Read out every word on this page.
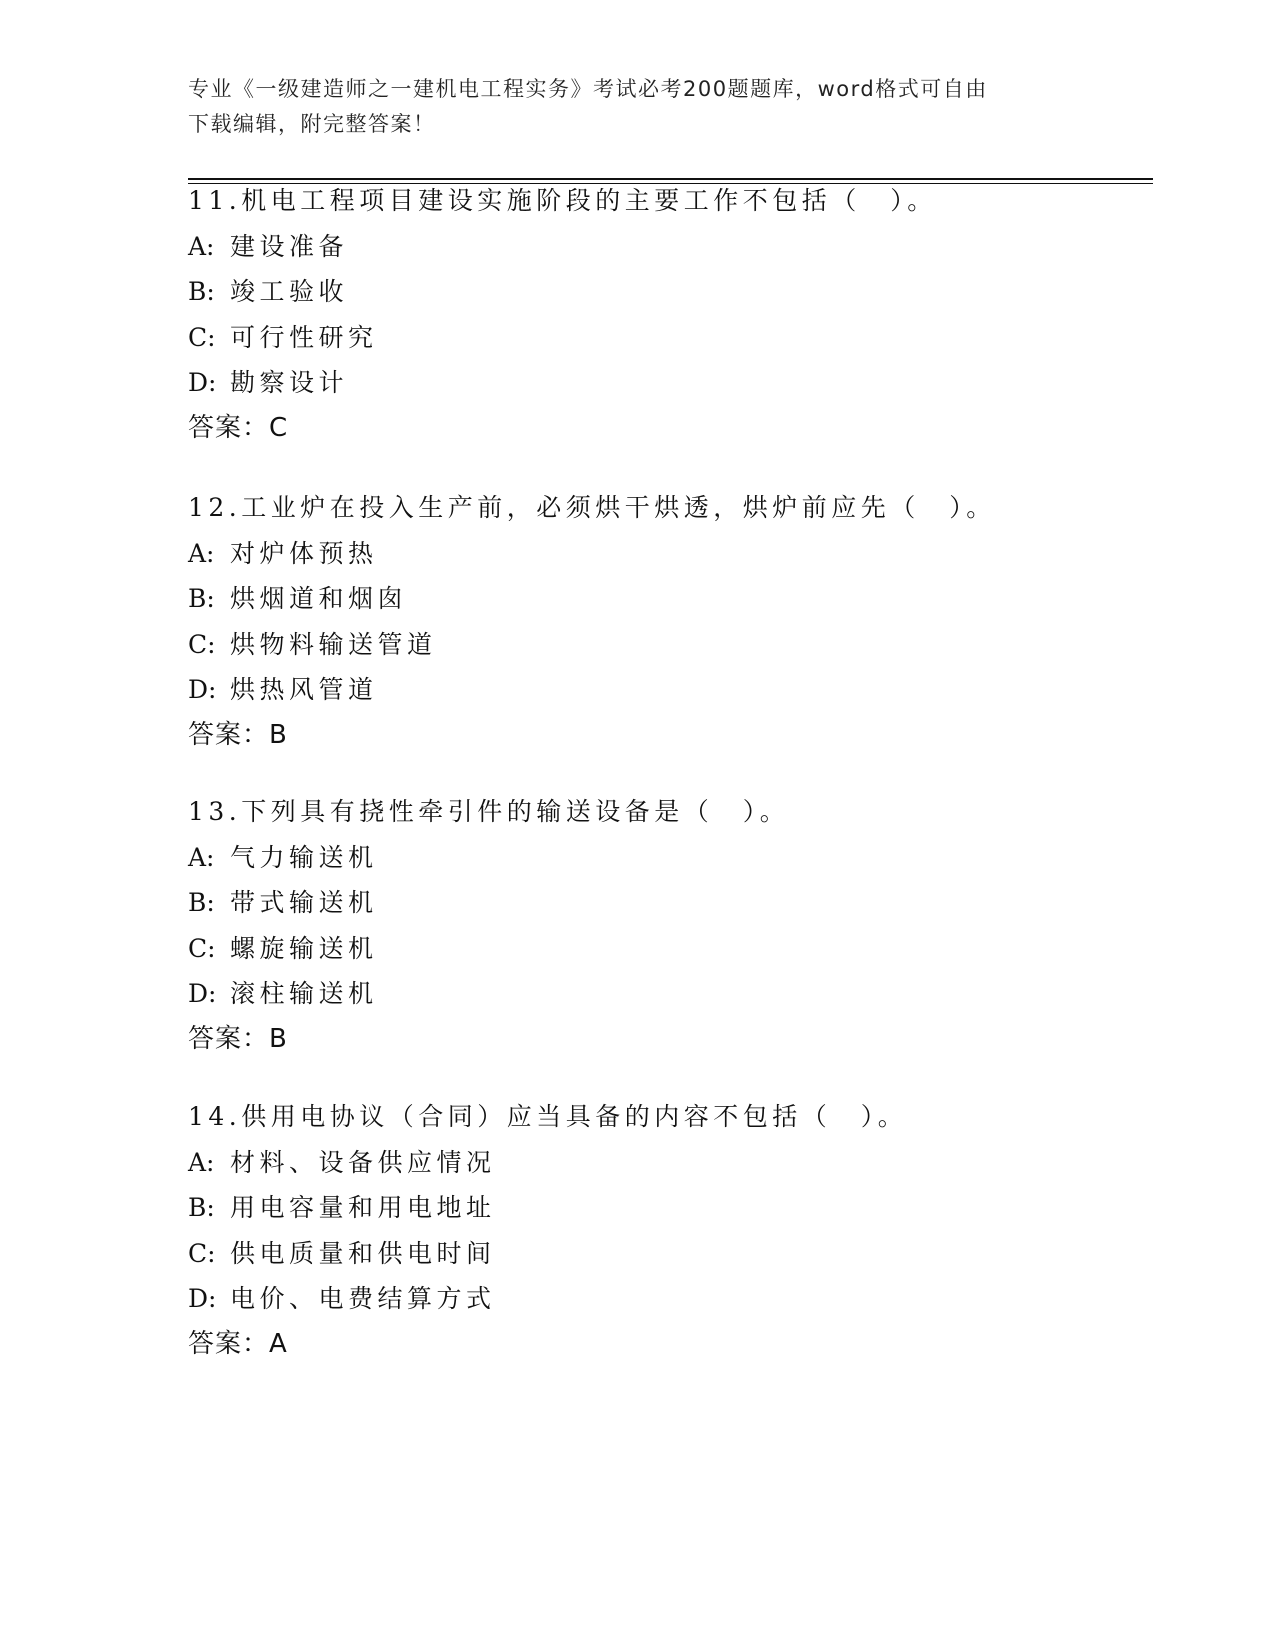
专业《一级建造师之一建机电工程实务》考试必考200题题库，word格式可自由
下载编辑，附完整答案！
11.机电工程项目建设实施阶段的主要工作不包括（　）。
A: 建设准备
B: 竣工验收
C: 可行性研究
D: 勘察设计
答案：C
12.工业炉在投入生产前，必须烘干烘透，烘炉前应先（　）。
A: 对炉体预热
B: 烘烟道和烟囱
C: 烘物料输送管道
D: 烘热风管道
答案：B
13.下列具有挠性牵引件的输送设备是（　）。
A: 气力输送机
B: 带式输送机
C: 螺旋输送机
D: 滚柱输送机
答案：B
14.供用电协议（合同）应当具备的内容不包括（　）。
A: 材料、设备供应情况
B: 用电容量和用电地址
C: 供电质量和供电时间
D: 电价、电费结算方式
答案：A
